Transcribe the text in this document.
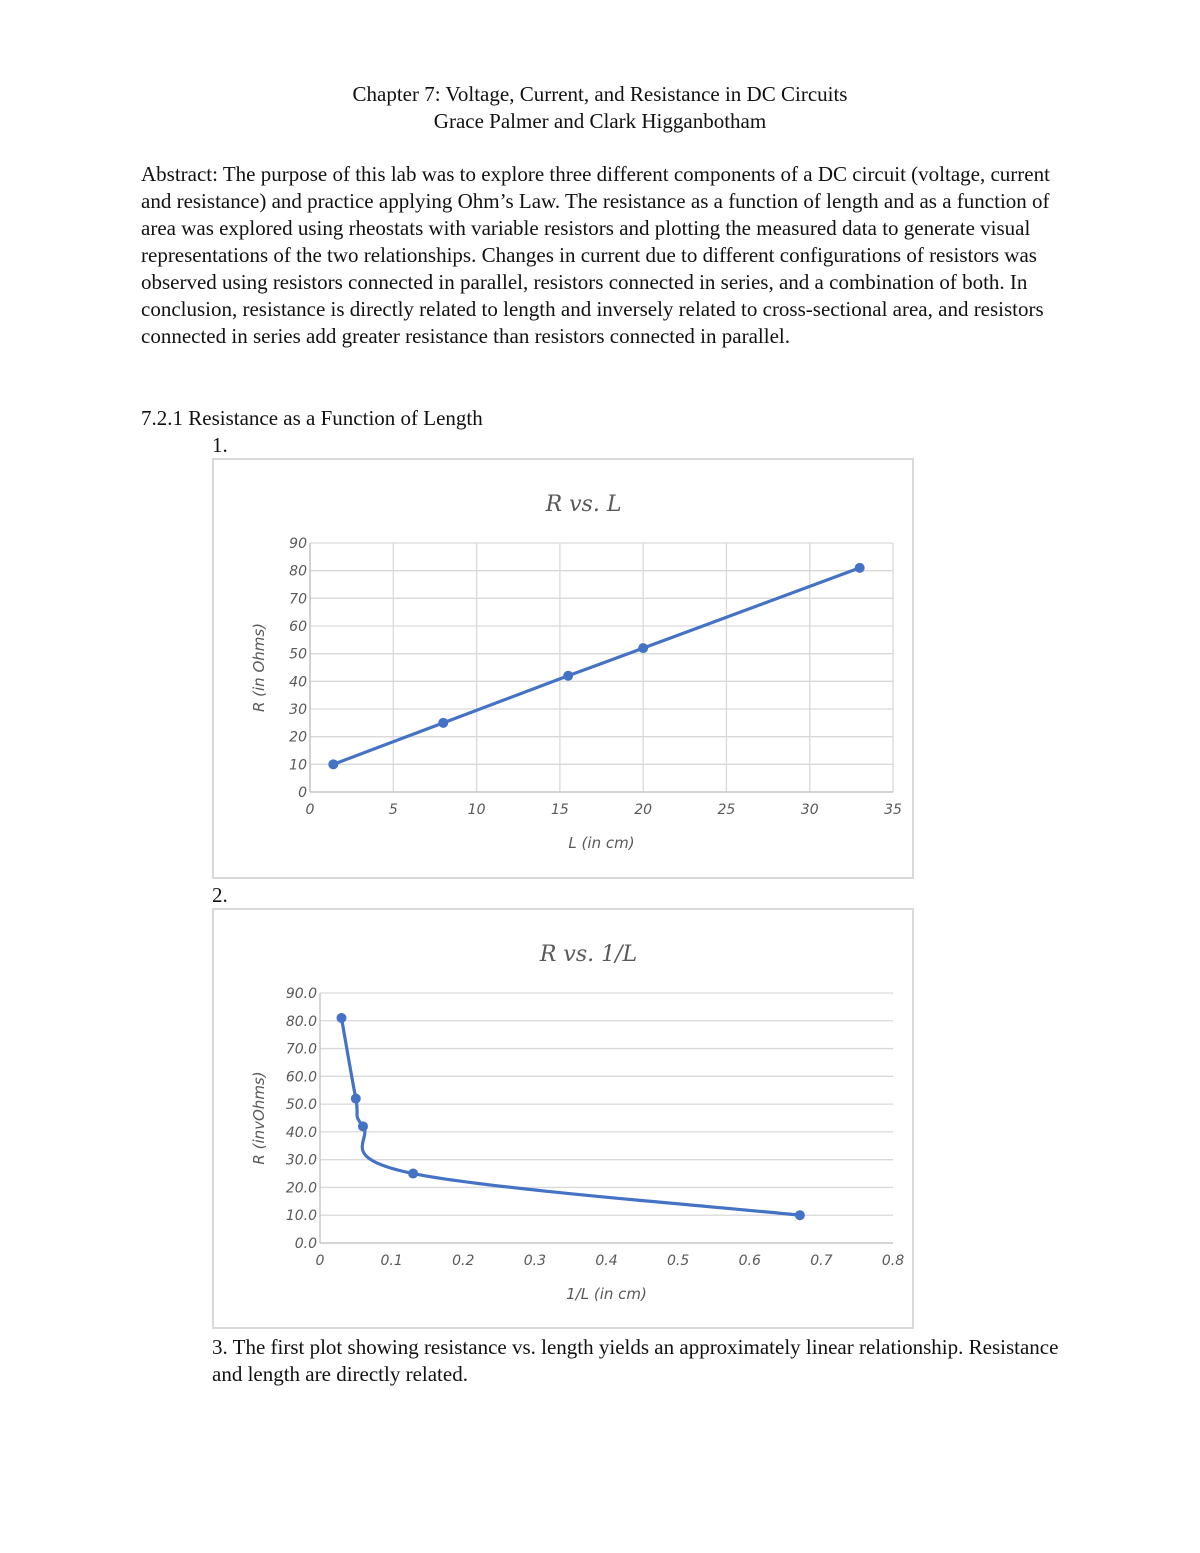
Chapter 7: Voltage, Current, and Resistance in DC Circuits
Grace Palmer and Clark Higganbotham
Abstract: The purpose of this lab was to explore three different components of a DC circuit (voltage, current and resistance) and practice applying Ohm’s Law. The resistance as a function of length and as a function of area was explored using rheostats with variable resistors and plotting the measured data to generate visual representations of the two relationships. Changes in current due to different configurations of resistors was observed using resistors connected in parallel, resistors connected in series, and a combination of both. In conclusion, resistance is directly related to length and inversely related to cross-sectional area, and resistors connected in series add greater resistance than resistors connected in parallel.
7.2.1 Resistance as a Function of Length
1.
R vs. L
0
10
20
30
40
50
60
70
80
90
0	5	10	15	20	25	30	35
L (in cm)
R (in Ohms)
2.
R vs. 1/L
0.0
10.0
20.0
30.0
40.0
50.0
60.0
70.0
80.0
90.0
0	0.1	0.2	0.3	0.4	0.5	0.6	0.7	0.8
1/L (in cm)
R (invOhms)
3. The first plot showing resistance vs. length yields an approximately linear relationship. Resistance and length are directly related.
